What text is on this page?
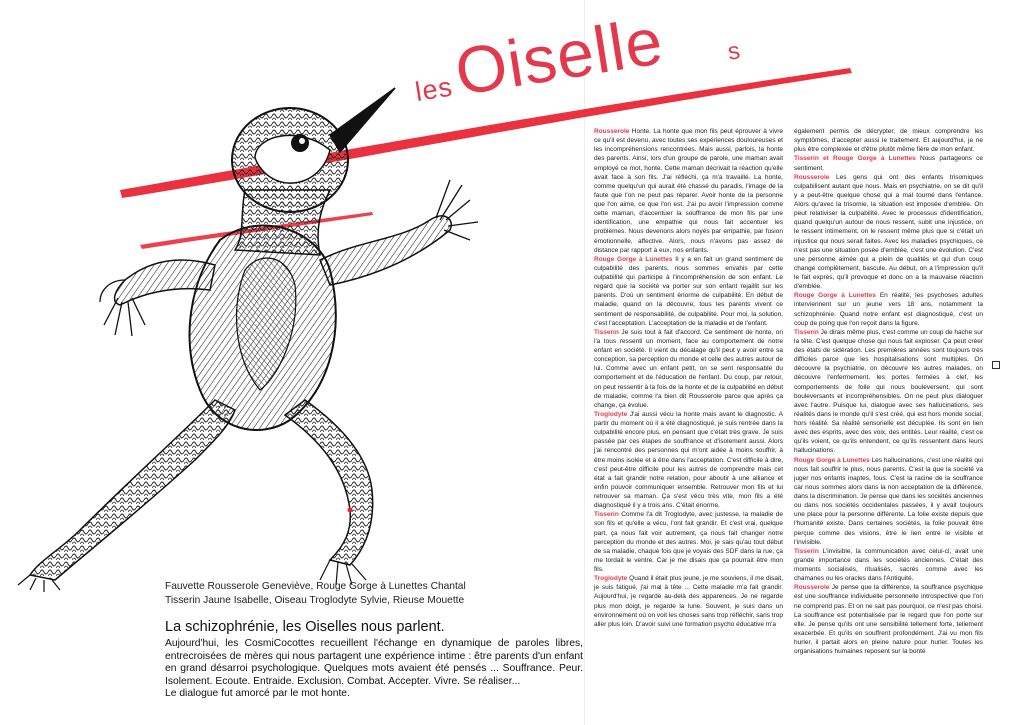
les
Oiselle s
Fauvette Rousserole Geneviève, Rouge Gorge à Lunettes Chantal
Tisserin Jaune Isabelle, Oiseau Troglodyte Sylvie, Rieuse Mouette
La schizophrénie, les Oiselles nous parlent.

Aujourd'hui, les CosmiCocottes recueillent l'échange en dynamique de paroles libres, entrecroisées de mères qui nous partagent une expérience intime : être parents d'un enfant en grand désarroi psychologique. Quelques mots avaient été pensés ... Souffrance. Peur. Isolement. Ecoute. Entraide. Exclusion. Combat. Accepter. Vivre. Se réaliser...

Le dialogue fut amorcé par le mot honte.

Rousserole Honte. La honte que mon fils peut éprouver à vivre ce qu'il est devenu, avec toutes ses expériences douloureuses et les incompréhensions rencontrées. Mais aussi, parfois, la honte des parents. Ainsi, lors d'un groupe de parole, une maman avait employé ce mot, honte. Cette maman décrivait la réaction qu'elle avait face à son fils. J'ai réfléchi, ça m'a travaillé. La honte, comme quelqu'un qui aurait été chassé du paradis, l'image de la faute que l'on ne peut pas réparer. Avoir honte de la personne que l'on aime, ce que l'on est. J'ai pu avoir l'impression comme cette maman, d'accentuer la souffrance de mon fils par une identification, une empathie qui nous fait accentuer les problèmes. Nous devenons alors noyés par empathie, par fusion émotionnelle, affective. Alors, nous n'avons pas assez de distance par rapport à eux, nos enfants.

Rouge Gorge à Lunettes Il y a en fait un grand sentiment de culpabilité des parents, nous sommes envahis par cette culpabilité qui participe à l'incompréhension de son enfant. Le regard que la société va porter sur son enfant rejaillit sur les parents. D'où un sentiment énorme de culpabilité. En début de maladie, quand on la découvre, tous les parents vivent ce sentiment de responsabilité, de culpabilité. Pour moi, la solution, c'est l'acceptation. L'acceptation de la maladie et de l'enfant.

Tisserin Je suis tout à fait d'accord. Ce sentiment de honte, on l'a tous ressenti un moment, face au comportement de notre enfant en société. Il vient du décalage qu'il peut y avoir entre sa conception, sa perception du monde et celle des autres autour de lui. Comme avec un enfant petit, on se sent responsable du comportement et de l'éducation de l'enfant. Du coup, par retour, on peut ressentir à la fois de la honte et de la culpabilité en début de maladie, comme l'a bien dit Rousserole parce que après ça change, ça évolue.

Troglodyte J'ai aussi vécu la honte mais avant le diagnostic. A partir du moment où il a été diagnostiqué, je suis rentrée dans la culpabilité encore plus, en pensant que c'était très grave. Je suis passée par ces étapes de souffrance et d'isolement aussi. Alors j'ai rencontré des personnes qui m'ont aidée à moins souffrir, à être moins isolée et à être dans l'acceptation. C'est difficile à dire, c'est peut-être difficile pour les autres de comprendre mais cet état a fait grandir notre relation, pour aboutir à une alliance et enfin pouvoir communiquer ensemble. Retrouver mon fils et lui retrouver sa maman. Ça s'est vécu très vite, mon fils a été diagnostiqué il y a trois ans. C'était énorme.

Tisserin Comme l'a dit Troglodyte, avec justesse, la maladie de son fils et qu'elle a vécu, l'ont fait grandir. Et c'est vrai, quelque part, ça nous fait voir autrement, ça nous fait changer notre perception du monde et des autres. Moi, je sais qu'au tout début de sa maladie, chaque fois que je voyais des SDF dans la rue, ça me tordait le ventre. Car je me disais que ça pourrait être mon fils.

Troglodyte Quand il était plus jeune, je me souviens, il me disait, je suis fatigué, j'ai mal à tête ... Cette maladie m'a fait grandir. Aujourd'hui, je regarde au-delà des apparences. Je ne regarde plus mon doigt, je regarde la lune. Souvent, je suis dans un environnement où on voit les choses sans trop réfléchir, sans trop aller plus loin. D'avoir suivi une formation psycho éducative m'a

également permis de décrypter, de mieux comprendre les symptômes, d'accepter aussi le traitement. Et aujourd'hui, je ne plus être complexée et d'être plutôt même fière de mon enfant.

Tisserin et Rouge Gorge à Lunettes Nous partageons ce sentiment.

Rousserole Les gens qui ont des enfants trisomiques culpabilisent autant que nous. Mais en psychiatrie, on se dit qu'il y a peut-être quelque chose qui a mal tourné dans l'enfance. Alors qu'avec la trisomie, la situation est imposée d'emblée. On peut relativiser la culpabilité. Avec le processus d'identification, quand quelqu'un autour de nous ressent, subit une injustice, on le ressent intimement, on le ressent même plus que si c'était un injustice qui nous serait faites. Avec les maladies psychiques, ce n'est pas une situation posée d'emblée, c'est une évolution. C'est une personne aimée qui a plein de qualités et qui d'un coup change complètement, bascule. Au début, on a l'impression qu'il le fait exprès, qu'il provoque et donc on a la mauvaise réaction d'emblée.

Rouge Gorge à Lunettes En réalité, les psychoses adultes interviennent sur un jeune vers 18 ans, notamment la schizophrénie. Quand notre enfant est diagnostiqué, c'est un coup de poing que l'on reçoit dans la figure.

Tisserin Je dirais même plus, c'est comme un coup de hache sur la tête. C'est quelque chose qui nous fait exploser. Ça peut créer des états de sidération. Les premières années sont toujours très difficiles parce que les hospitalisations sont multiples. On découvre la psychiatrie, on découvre les autres malades, on découvre l'enfermement, les portes fermées à clef, les comportements de folie qui nous bouleversent, qui sont bouleversants et incompréhensibles. On ne peut plus dialoguer avec l'autre. Puisque lui, dialogue avec ses hallucinations, ses réalités dans le monde qu'il s'est créé, qui est hors monde social, hors réalité. Sa réalité sensorielle est décuplée. Ils sont en lien avec des esprits, avec des voix, des entités. Leur réalité, c'est ce qu'ils voient, ce qu'ils entendent, ce qu'ils ressentent dans leurs hallucinations.

Rouge Gorge à Lunettes Les hallucinations, c'est une réalité qui nous fait souffrir le plus, nous parents. C'est la que la société va juger nos enfants inaptes, fous. C'est la racine de la souffrance car nous sommes alors dans la non acceptation de la différence, dans la discrimination. Je pense que dans les sociétés anciennes ou dans nos sociétés occidentales passées, il y avait toujours une place pour la personne différente. La folie existe depuis que l'humanité existe. Dans certaines sociétés, la folie pouvait être perçue comme des visions, être le lien entre le visible et l'invisible.

Tisserin L'invisible, la communication avec celui-ci, avait une grande importance dans les sociétés anciennes. C'était des moments socialisés, ritualisés, sacrés comme avec les chamanes ou les oracles dans l'Antiquité.

Rousserole Je pense que la différence, la souffrance psychique est une souffrance individuelle personnelle introspective que l'on ne comprend pas. Et on ne sait pas pourquoi, ce n'est pas choisi. La souffrance est potentialisée par le regard que l'on porte sur elle. Je pense qu'ils ont une sensibilité tellement forte, tellement exacerbée. Et qu'ils en souffrent profondément. J'ai vu mon fils hurler, il partait alors en pleine nature pour hurler. Toutes les organisations humaines reposent sur la bonté
